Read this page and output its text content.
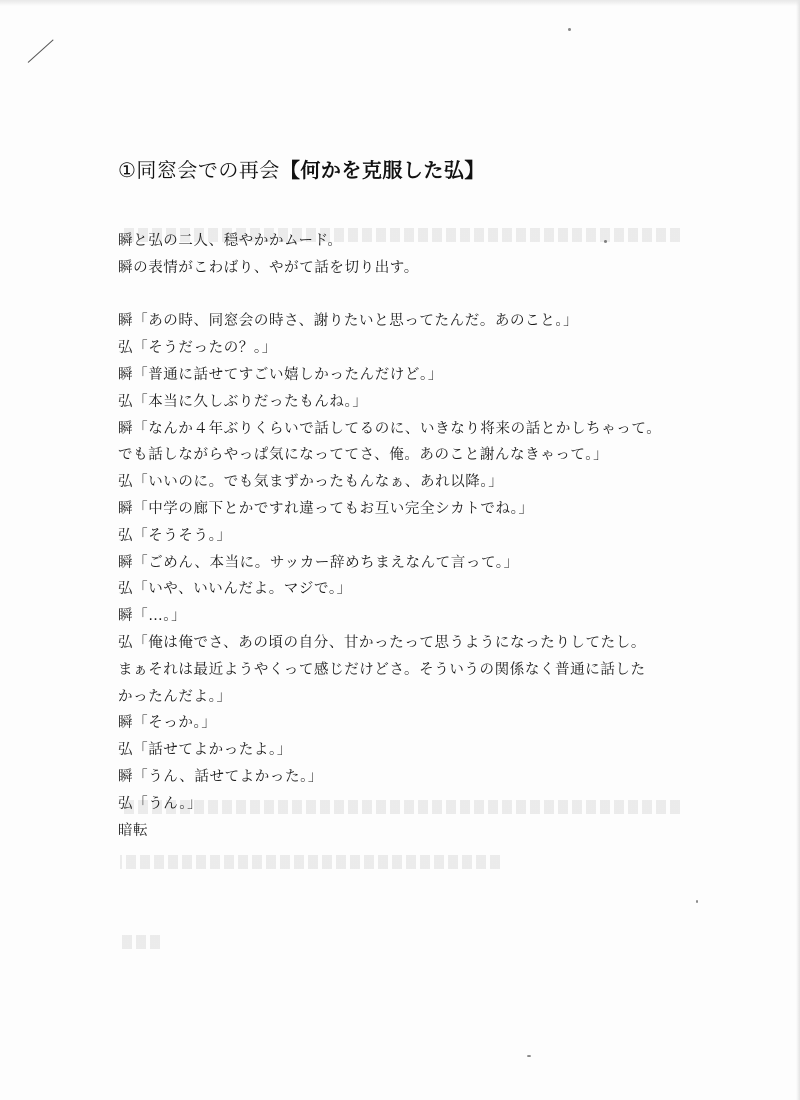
①同窓会での再会【何かを克服した弘】
瞬と弘の二人、穏やかかムード。
瞬の表情がこわばり、やがて話を切り出す。
瞬「あの時、同窓会の時さ、謝りたいと思ってたんだ。あのこと。」
弘「そうだったの？。」
瞬「普通に話せてすごい嬉しかったんだけど。」
弘「本当に久しぶりだったもんね。」
瞬「なんか４年ぶりくらいで話してるのに、いきなり将来の話とかしちゃって。
でも話しながらやっぱ気になっててさ、俺。あのこと謝んなきゃって。」
弘「いいのに。でも気まずかったもんなぁ、あれ以降。」
瞬「中学の廊下とかですれ違ってもお互い完全シカトでね。」
弘「そうそう。」
瞬「ごめん、本当に。サッカー辞めちまえなんて言って。」
弘「いや、いいんだよ。マジで。」
瞬「…。」
弘「俺は俺でさ、あの頃の自分、甘かったって思うようになったりしてたし。
まぁそれは最近ようやくって感じだけどさ。そういうの関係なく普通に話した
かったんだよ。」
瞬「そっか。」
弘「話せてよかったよ。」
瞬「うん、話せてよかった。」
弘「うん。」
暗転
